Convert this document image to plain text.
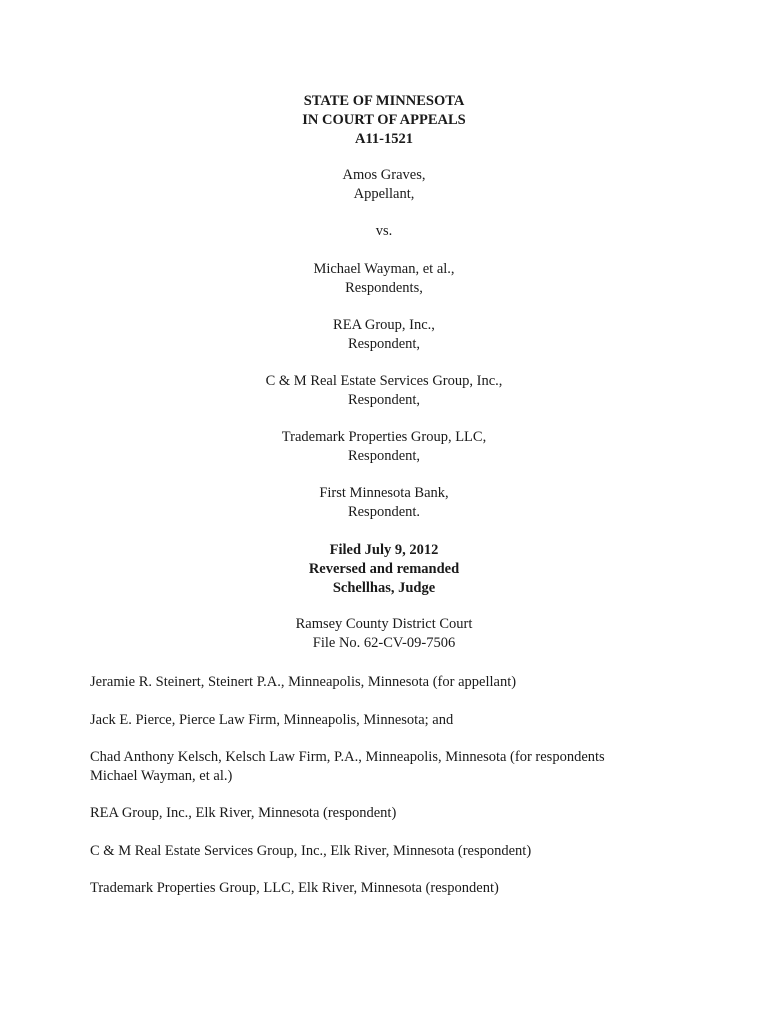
STATE OF MINNESOTA
IN COURT OF APPEALS
A11-1521
Amos Graves,
Appellant,
vs.
Michael Wayman, et al.,
Respondents,
REA Group, Inc.,
Respondent,
C & M Real Estate Services Group, Inc.,
Respondent,
Trademark Properties Group, LLC,
Respondent,
First Minnesota Bank,
Respondent.
Filed July 9, 2012
Reversed and remanded
Schellhas, Judge
Ramsey County District Court
File No. 62-CV-09-7506
Jeramie R. Steinert, Steinert P.A., Minneapolis, Minnesota (for appellant)
Jack E. Pierce, Pierce Law Firm, Minneapolis, Minnesota; and
Chad Anthony Kelsch, Kelsch Law Firm, P.A., Minneapolis, Minnesota (for respondents
Michael Wayman, et al.)
REA Group, Inc., Elk River, Minnesota (respondent)
C & M Real Estate Services Group, Inc., Elk River, Minnesota (respondent)
Trademark Properties Group, LLC, Elk River, Minnesota (respondent)
